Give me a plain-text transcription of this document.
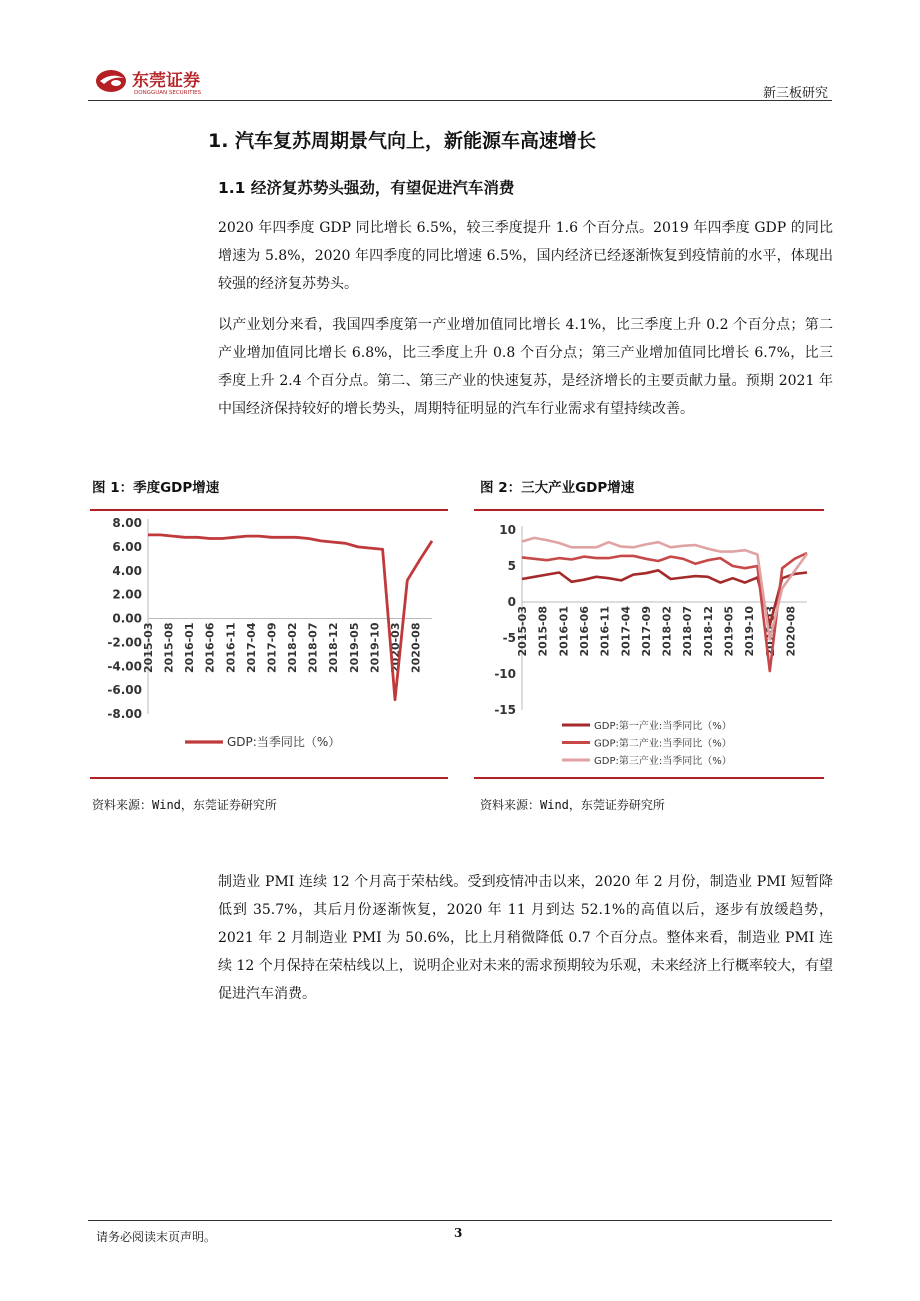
东莞证券
DONGGUAN SECURITIES	新三板研究
1. 汽车复苏周期景气向上，新能源车高速增长
1.1 经济复苏势头强劲，有望促进汽车消费

2020 年四季度 GDP 同比增长 6.5%，较三季度提升 1.6 个百分点。2019 年四季度 GDP 的同比增速为 5.8%，2020 年四季度的同比增速 6.5%，国内经济已经逐渐恢复到疫情前的水平，体现出较强的经济复苏势头。

以产业划分来看，我国四季度第一产业增加值同比增长 4.1%，比三季度上升 0.2 个百分点；第二产业增加值同比增长 6.8%，比三季度上升 0.8 个百分点；第三产业增加值同比增长 6.7%，比三季度上升 2.4 个百分点。第二、第三产业的快速复苏，是经济增长的主要贡献力量。预期 2021 年中国经济保持较好的增长势头，周期特征明显的汽车行业需求有望持续改善。

图 1：季度GDP增速	图 2：三大产业GDP增速
8.00
6.00
4.00
2.00
0.00
-2.00
-4.00
-6.00
-8.00
2015-03 2015-08 2016-01 2016-06 2016-11 2017-04 2017-09 2018-02 2018-07 2018-12 2019-05 2019-10 2020-03 2020-08
GDP:当季同比（%）
10
5
0
-5
-10
-15
2015-03 2015-08 2016-01 2016-06 2016-11 2017-04 2017-09 2018-02 2018-07 2018-12 2019-05 2019-10 2020-03 2020-08
GDP:第一产业:当季同比（%）
GDP:第二产业:当季同比（%）
GDP:第三产业:当季同比（%）
资料来源：Wind，东莞证券研究所	资料来源：Wind，东莞证券研究所

制造业 PMI 连续 12 个月高于荣枯线。受到疫情冲击以来，2020 年 2 月份，制造业 PMI 短暂降低到 35.7%，其后月份逐渐恢复，2020 年 11 月到达 52.1%的高值以后，逐步有放缓趋势，2021 年 2 月制造业 PMI 为 50.6%，比上月稍微降低 0.7 个百分点。整体来看，制造业 PMI 连续 12 个月保持在荣枯线以上，说明企业对未来的需求预期较为乐观，未来经济上行概率较大，有望促进汽车消费。

请务必阅读末页声明。	3
